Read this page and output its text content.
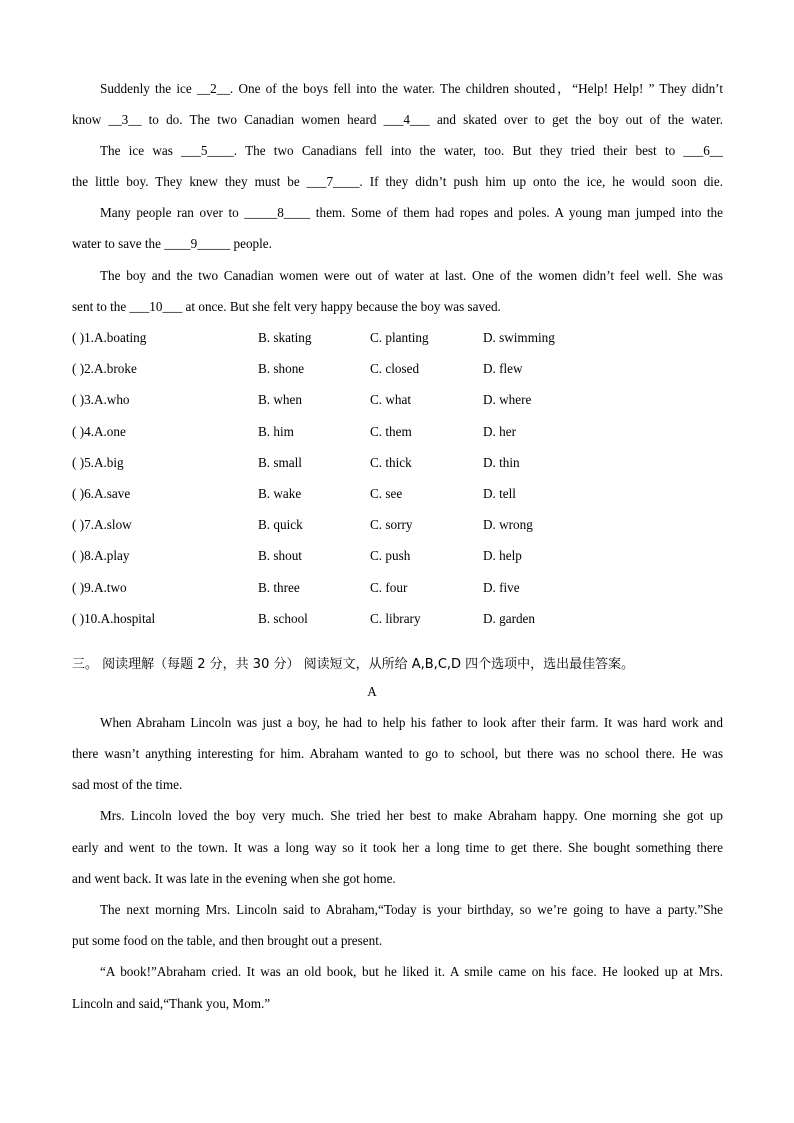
Suddenly the ice __2__. One of the boys fell into the water. The children shouted，“Help! Help! ” They didn’t
know __3__ to do. The two Canadian women heard ___4___ and skated over to get the boy out of the water.
The ice was ___5____. The two Canadians fell into the water, too. But they tried their best to ___6__
the little boy. They knew they must be ___7____. If they didn’t push him up onto the ice, he would soon die.
Many people ran over to _____8____ them. Some of them had ropes and poles. A young man jumped into the
water to save the ____9_____ people.
The boy and the two Canadian women were out of water at last. One of the women didn’t feel well. She was
sent to the ___10___ at once. But she felt very happy because the boy was saved.
( )1.A.boating	B. skating	C. planting	D. swimming
( )2.A.broke	B. shone	C. closed	D. flew
( )3.A.who	B. when	C. what	D. where
( )4.A.one	B. him	C. them	D. her
( )5.A.big	B. small	C. thick	D. thin
( )6.A.save	B. wake	C. see	D. tell
( )7.A.slow	B. quick	C. sorry	D. wrong
( )8.A.play	B. shout	C. push	D. help
( )9.A.two	B. three	C. four	D. five
( )10.A.hospital	B. school	C. library	D. garden
三。 阅读理解（每题 2 分，共 30 分） 阅读短文，从所给 A,B,C,D 四个选项中，选出最佳答案。
A
When Abraham Lincoln was just a boy, he had to help his father to look after their farm. It was hard work and
there wasn’t anything interesting for him. Abraham wanted to go to school, but there was no school there. He was
sad most of the time.
Mrs. Lincoln loved the boy very much. She tried her best to make Abraham happy. One morning she got up
early and went to the town. It was a long way so it took her a long time to get there. She bought something there
and went back. It was late in the evening when she got home.
The next morning Mrs. Lincoln said to Abraham,“Today is your birthday, so we’re going to have a party.”She
put some food on the table, and then brought out a present.
“A book!”Abraham cried. It was an old book, but he liked it. A smile came on his face. He looked up at Mrs.
Lincoln and said,“Thank you, Mom.”
